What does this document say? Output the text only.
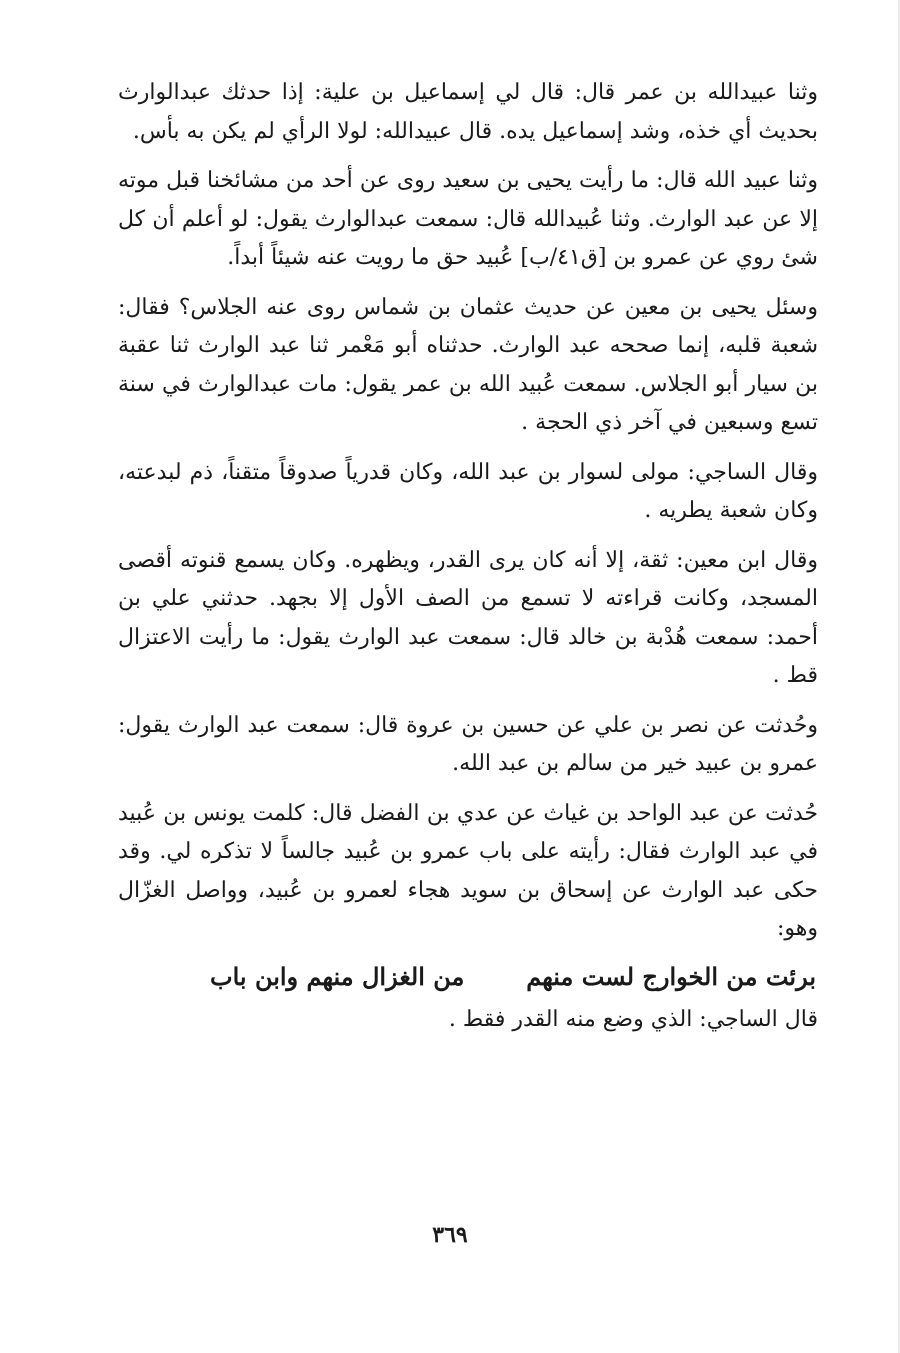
وثنا عبيدالله بن عمر قال: قال لي إسماعيل بن علية: إذا حدثك عبدالوارث بحديث أي خذه، وشد إسماعيل يده. قال عبيدالله: لولا الرأي لم يكن به بأس.

وثنا عبيد الله قال: ما رأيت يحيى بن سعيد روى عن أحد من مشائخنا قبل موته إلا عن عبد الوارث. وثنا عُبيدالله قال: سمعت عبدالوارث يقول: لو أعلم أن كل شئ روي عن عمرو بن [ق٤١/ب] عُبيد حق ما رويت عنه شيئاً أبداً.

وسئل يحيى بن معين عن حديث عثمان بن شماس روى عنه الجلاس؟ فقال: شعبة قلبه، إنما صححه عبد الوارث. حدثناه أبو مَعْمر ثنا عبد الوارث ثنا عقبة بن سيار أبو الجلاس. سمعت عُبيد الله بن عمر يقول: مات عبدالوارث في سنة تسع وسبعين في آخر ذي الحجة .

وقال الساجي: مولى لسوار بن عبد الله، وكان قدرياً صدوقاً متقناً، ذم لبدعته، وكان شعبة يطريه .

وقال ابن معين: ثقة، إلا أنه كان يرى القدر، ويظهره. وكان يسمع قنوته أقصى المسجد، وكانت قراءته لا تسمع من الصف الأول إلا بجهد. حدثني علي بن أحمد: سمعت هُدْبة بن خالد قال: سمعت عبد الوارث يقول: ما رأيت الاعتزال قط .

وحُدثت عن نصر بن علي عن حسين بن عروة قال: سمعت عبد الوارث يقول: عمرو بن عبيد خير من سالم بن عبد الله.

حُدثت عن عبد الواحد بن غياث عن عدي بن الفضل قال: كلمت يونس بن عُبيد في عبد الوارث فقال: رأيته على باب عمرو بن عُبيد جالساً لا تذكره لي. وقد حكى عبد الوارث عن إسحاق بن سويد هجاء لعمرو بن عُبيد، وواصل الغزّال وهو:

برئت من الخوارج لست منهم
من الغزال منهم وابن باب

قال الساجي: الذي وضع منه القدر فقط .

٣٦٩
